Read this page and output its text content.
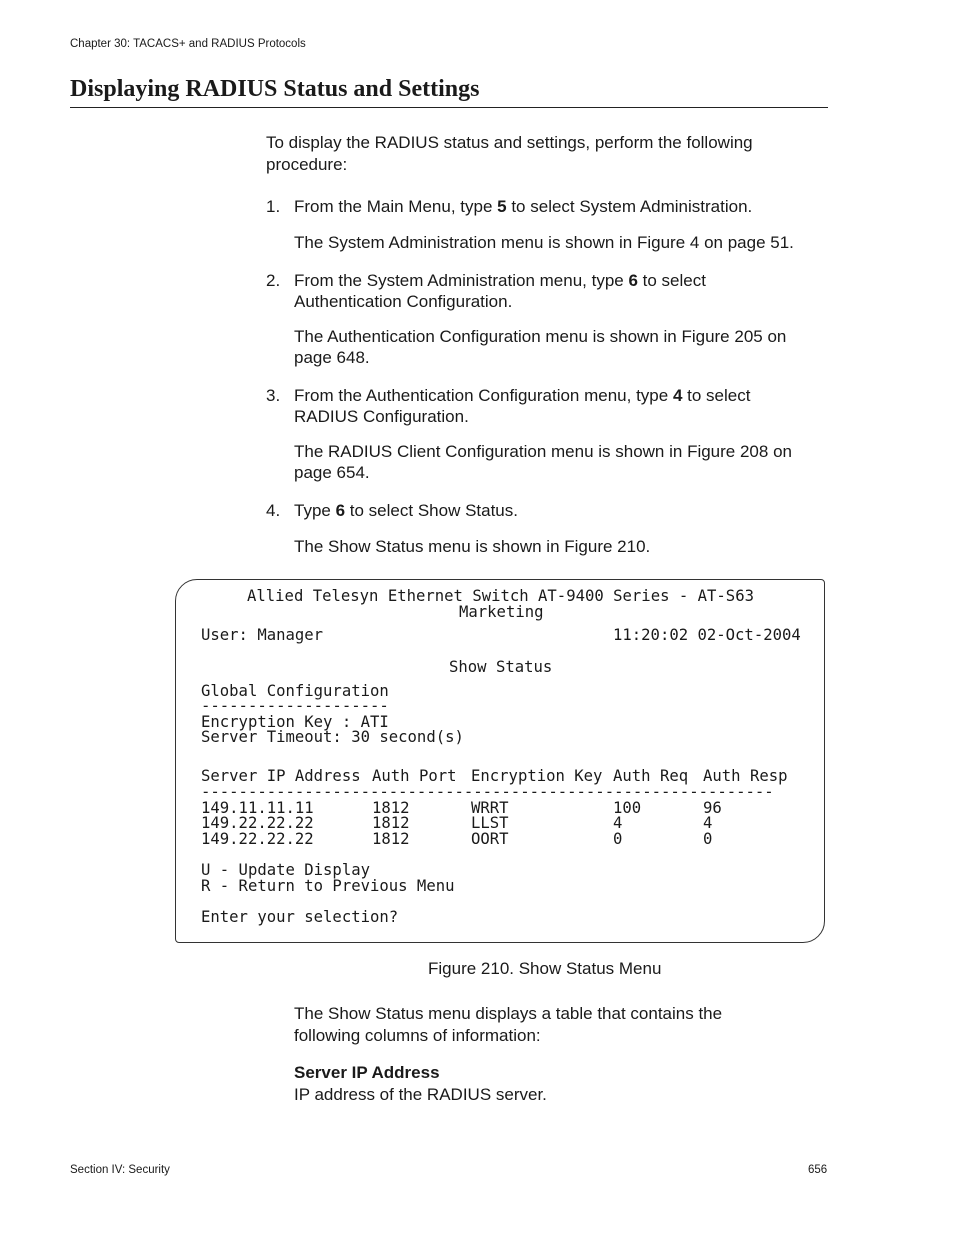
Chapter 30: TACACS+ and RADIUS Protocols
Displaying RADIUS Status and Settings
To display the RADIUS status and settings, perform the following procedure:
1. From the Main Menu, type 5 to select System Administration.
The System Administration menu is shown in Figure 4 on page 51.
2. From the System Administration menu, type 6 to select Authentication Configuration.
The Authentication Configuration menu is shown in Figure 205 on page 648.
3. From the Authentication Configuration menu, type 4 to select RADIUS Configuration.
The RADIUS Client Configuration menu is shown in Figure 208 on page 654.
4. Type 6 to select Show Status.
The Show Status menu is shown in Figure 210.
Allied Telesyn Ethernet Switch AT-9400 Series - AT-S63
Marketing
User: Manager	11:20:02 02-Oct-2004
Show Status
Global Configuration
--------------------
Encryption Key : ATI
Server Timeout: 30 second(s)
Server IP Address Auth Port Encryption Key Auth Req Auth Resp
-------------------------------------------------------------
149.11.11.11	1812	WRRT	100	96
149.22.22.22	1812	LLST	4	4
149.22.22.22	1812	OORT	0	0
U - Update Display
R - Return to Previous Menu
Enter your selection?
Figure 210. Show Status Menu
The Show Status menu displays a table that contains the following columns of information:
Server IP Address
IP address of the RADIUS server.
Section IV: Security	656
